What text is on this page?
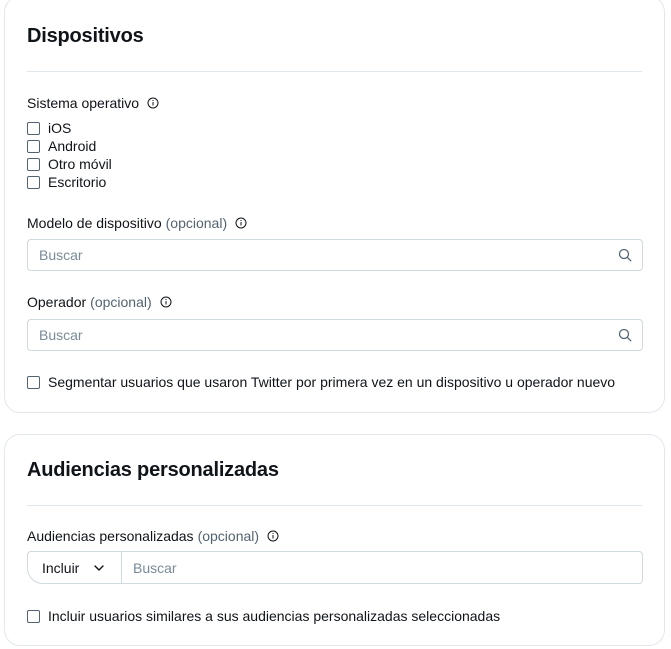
Dispositivos
Sistema operativo
iOS
Android
Otro móvil
Escritorio
Modelo de dispositivo (opcional)
Buscar
Operador (opcional)
Buscar
Segmentar usuarios que usaron Twitter por primera vez en un dispositivo u operador nuevo
Audiencias personalizadas
Audiencias personalizadas (opcional)
Incluir
Buscar
Incluir usuarios similares a sus audiencias personalizadas seleccionadas
